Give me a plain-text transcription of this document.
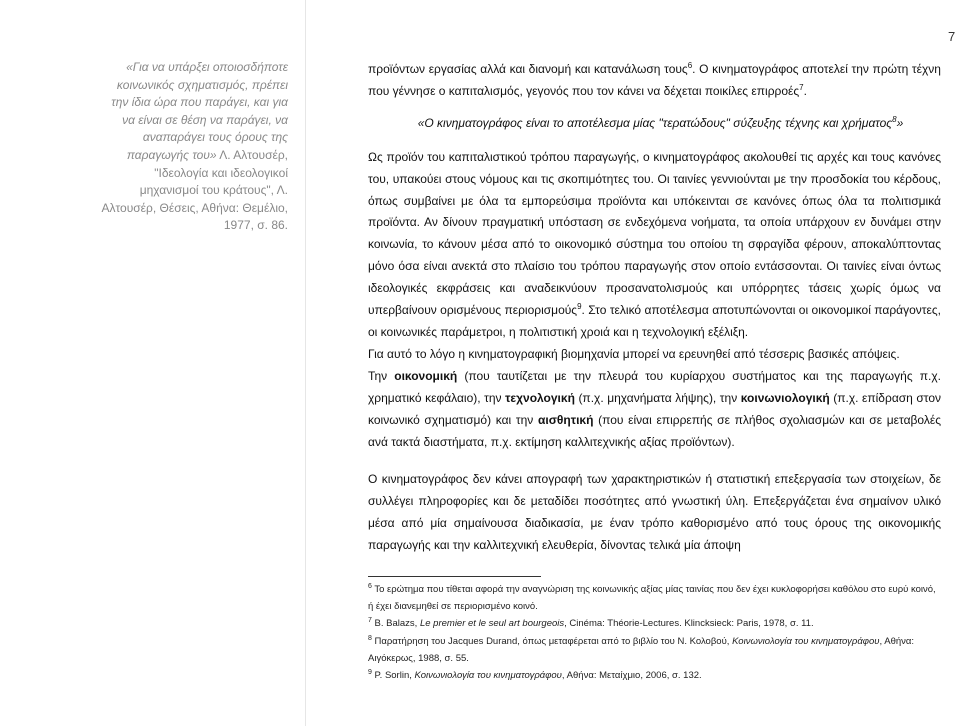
7
«Για να υπάρξει οποιοσδήποτε κοινωνικός σχηματισμός, πρέπει την ίδια ώρα που παράγει, και για να είναι σε θέση να παράγει, να αναπαράγει τους όρους της παραγωγής του» Λ. Αλτουσέρ, "Ιδεολογία και ιδεολογικοί μηχανισμοί του κράτους", Λ. Αλτουσέρ, Θέσεις, Αθήνα: Θεμέλιο, 1977, σ. 86.

προϊόντων εργασίας αλλά και διανομή και κατανάλωση τους$^6$. Ο κινηματογράφος αποτελεί την πρώτη τέχνη που γέννησε ο καπιταλισμός, γεγονός που τον κάνει να δέχεται ποικίλες επιρροές$^7$.

«Ο κινηματογράφος είναι το αποτέλεσμα μίας "τερατώδους" σύζευξης τέχνης και χρήματος$^8$»

Ως προϊόν του καπιταλιστικού τρόπου παραγωγής, ο κινηματογράφος ακολουθεί τις αρχές και τους κανόνες του, υπακούει στους νόμους και τις σκοπιμότητες του. Οι ταινίες γεννιούνται με την προσδοκία του κέρδους, όπως συμβαίνει με όλα τα εμπορεύσιμα προϊόντα και υπόκεινται σε κανόνες όπως όλα τα πολιτισμικά προϊόντα. Αν δίνουν πραγματική υπόσταση σε ενδεχόμενα νοήματα, τα οποία υπάρχουν εν δυνάμει στην κοινωνία, το κάνουν μέσα από το οικονομικό σύστημα του οποίου τη σφραγίδα φέρουν, αποκαλύπτοντας μόνο όσα είναι ανεκτά στο πλαίσιο του τρόπου παραγωγής στον οποίο εντάσσονται. Οι ταινίες είναι όντως ιδεολογικές εκφράσεις και αναδεικνύουν προσανατολισμούς και υπόρρητες τάσεις χωρίς όμως να υπερβαίνουν ορισμένους περιορισμούς$^9$. Στο τελικό αποτέλεσμα αποτυπώνονται οι οικονομικοί παράγοντες, οι κοινωνικές παράμετροι, η πολιτιστική χροιά και η τεχνολογική εξέλιξη.

Για αυτό το λόγο η κινηματογραφική βιομηχανία μπορεί να ερευνηθεί από τέσσερις βασικές απόψεις.

Την οικονομική (που ταυτίζεται με την πλευρά του κυρίαρχου συστήματος και της παραγωγής π.χ. χρηματικό κεφάλαιο), την τεχνολογική (π.χ. μηχανήματα λήψης), την κοινωνιολογική (π.χ. επίδραση στον κοινωνικό σχηματισμό) και την αισθητική (που είναι επιρρεπής σε πλήθος σχολιασμών και σε μεταβολές ανά τακτά διαστήματα, π.χ. εκτίμηση καλλιτεχνικής αξίας προϊόντων).

Ο κινηματογράφος δεν κάνει απογραφή των χαρακτηριστικών ή στατιστική επεξεργασία των στοιχείων, δε συλλέγει πληροφορίες και δε μεταδίδει ποσότητες από γνωστική ύλη. Επεξεργάζεται ένα σημαίνον υλικό μέσα από μία σημαίνουσα διαδικασία, με έναν τρόπο καθορισμένο από τους όρους της οικονομικής παραγωγής και την καλλιτεχνική ελευθερία, δίνοντας τελικά μία άποψη

$^6$ Το ερώτημα που τίθεται αφορά την αναγνώριση της κοινωνικής αξίας μίας ταινίας που δεν έχει κυκλοφορήσει καθόλου στο ευρύ κοινό, ή έχει διανεμηθεί σε περιορισμένο κοινό.

$^7$ B. Balazs, Le premier et le seul art bourgeois, Cinéma: Théorie-Lectures. Klincksieck: Paris, 1978, σ. 11.

$^8$ Παρατήρηση του Jacques Durand, όπως μεταφέρεται από το βιβλίο του Ν. Κολοβού, Κοινωνιολογία του κινηματογράφου, Αθήνα: Αιγόκερως, 1988, σ. 55.

$^9$ P. Sorlin, Κοινωνιολογία του κινηματογράφου, Αθήνα: Μεταίχμιο, 2006, σ. 132.
